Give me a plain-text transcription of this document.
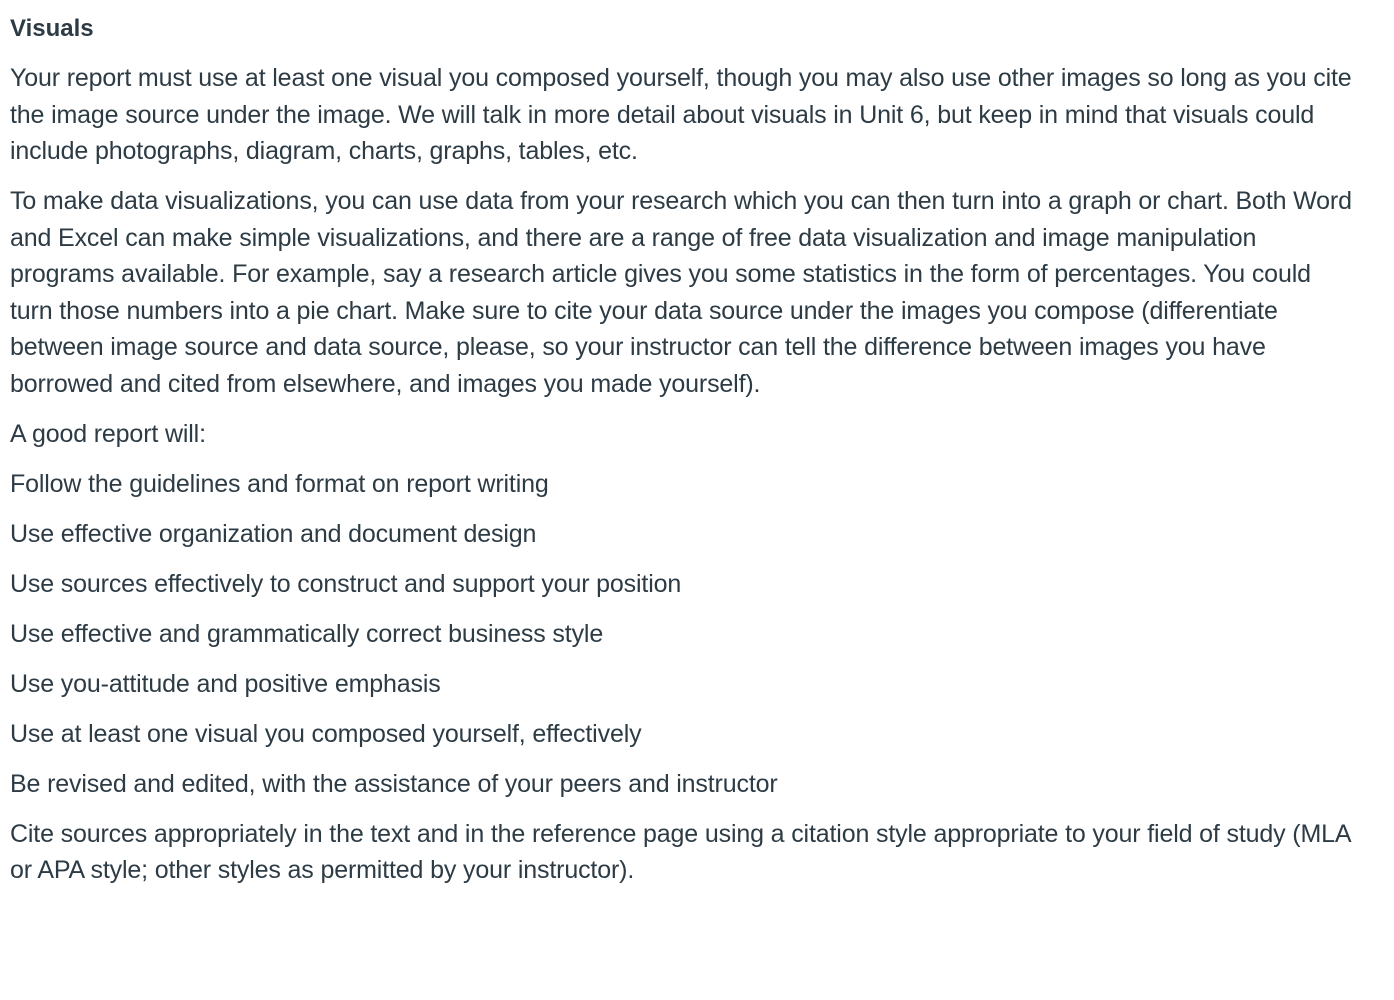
Visuals

Your report must use at least one visual you composed yourself, though you may also use other images so long as you cite the image source under the image. We will talk in more detail about visuals in Unit 6, but keep in mind that visuals could include photographs, diagram, charts, graphs, tables, etc.

To make data visualizations, you can use data from your research which you can then turn into a graph or chart. Both Word and Excel can make simple visualizations, and there are a range of free data visualization and image manipulation programs available. For example, say a research article gives you some statistics in the form of percentages. You could turn those numbers into a pie chart. Make sure to cite your data source under the images you compose (differentiate between image source and data source, please, so your instructor can tell the difference between images you have borrowed and cited from elsewhere, and images you made yourself).

A good report will:

Follow the guidelines and format on report writing

Use effective organization and document design

Use sources effectively to construct and support your position

Use effective and grammatically correct business style

Use you-attitude and positive emphasis

Use at least one visual you composed yourself, effectively

Be revised and edited, with the assistance of your peers and instructor

Cite sources appropriately in the text and in the reference page using a citation style appropriate to your field of study (MLA or APA style; other styles as permitted by your instructor).
